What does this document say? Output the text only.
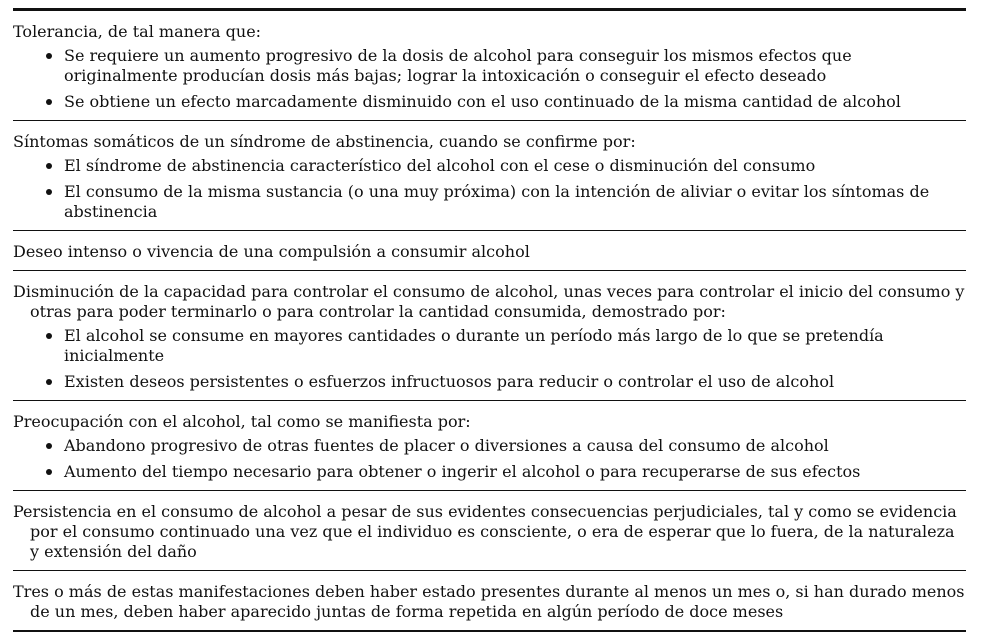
Tolerancia, de tal manera que:
Se requiere un aumento progresivo de la dosis de alcohol para conseguir los mismos efectos que originalmente producían dosis más bajas; lograr la intoxicación o conseguir el efecto deseado
Se obtiene un efecto marcadamente disminuido con el uso continuado de la misma cantidad de alcohol
Síntomas somáticos de un síndrome de abstinencia, cuando se confirme por:
El síndrome de abstinencia característico del alcohol con el cese o disminución del consumo
El consumo de la misma sustancia (o una muy próxima) con la intención de aliviar o evitar los síntomas de abstinencia
Deseo intenso o vivencia de una compulsión a consumir alcohol
Disminución de la capacidad para controlar el consumo de alcohol, unas veces para controlar el inicio del consumo y otras para poder terminarlo o para controlar la cantidad consumida, demostrado por:
El alcohol se consume en mayores cantidades o durante un período más largo de lo que se pretendía inicialmente
Existen deseos persistentes o esfuerzos infructuosos para reducir o controlar el uso de alcohol
Preocupación con el alcohol, tal como se manifiesta por:
Abandono progresivo de otras fuentes de placer o diversiones a causa del consumo de alcohol
Aumento del tiempo necesario para obtener o ingerir el alcohol o para recuperarse de sus efectos
Persistencia en el consumo de alcohol a pesar de sus evidentes consecuencias perjudiciales, tal y como se evidencia por el consumo continuado una vez que el individuo es consciente, o era de esperar que lo fuera, de la naturaleza y extensión del daño
Tres o más de estas manifestaciones deben haber estado presentes durante al menos un mes o, si han durado menos de un mes, deben haber aparecido juntas de forma repetida en algún período de doce meses
